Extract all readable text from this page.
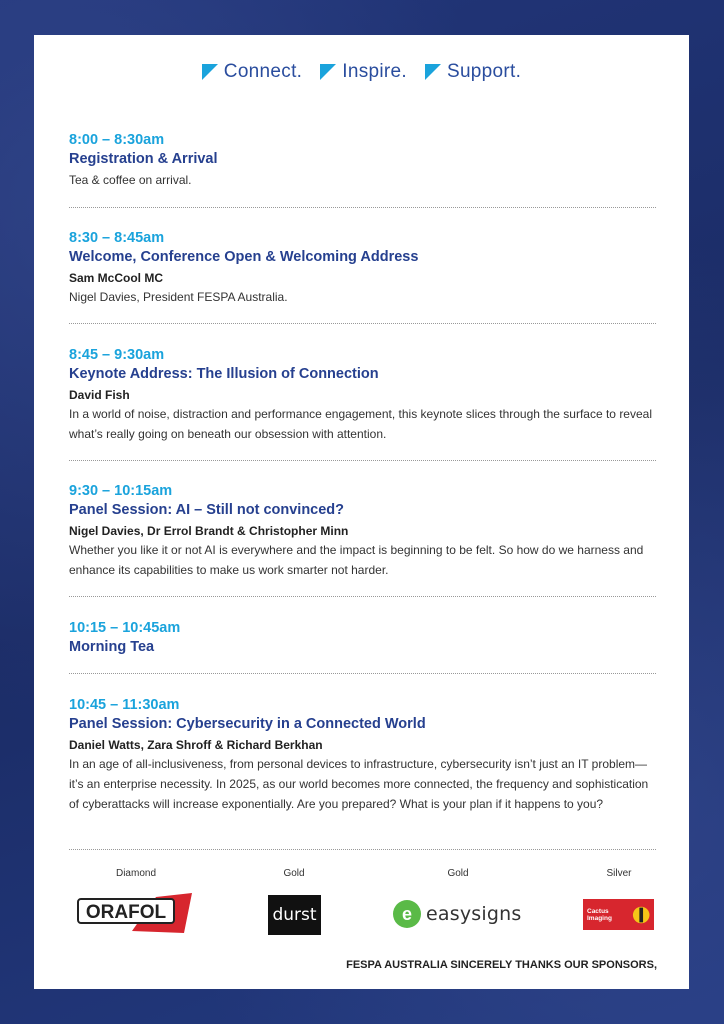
Connect. Inspire. Support.
8:00 – 8:30am
Registration & Arrival
Tea & coffee on arrival.
8:30 – 8:45am
Welcome, Conference Open & Welcoming Address
Sam McCool MC
Nigel Davies, President FESPA Australia.
8:45 – 9:30am
Keynote Address: The Illusion of Connection
David Fish
In a world of noise, distraction and performance engagement, this keynote slices through the surface to reveal what’s really going on beneath our obsession with attention.
9:30 – 10:15am
Panel Session: AI – Still not convinced?
Nigel Davies, Dr Errol Brandt & Christopher Minn
Whether you like it or not AI is everywhere and the impact is beginning to be felt. So how do we harness and enhance its capabilities to make us work smarter not harder.
10:15 – 10:45am
Morning Tea
10:45 – 11:30am
Panel Session: Cybersecurity in a Connected World
Daniel Watts, Zara Shroff & Richard Berkhan
In an age of all-inclusiveness, from personal devices to infrastructure, cybersecurity isn’t just an IT problem—it’s an enterprise necessity. In 2025, as our world becomes more connected, the frequency and sophistication of cyberattacks will increase exponentially. Are you prepared? What is your plan if it happens to you?
Diamond	Gold	Gold	Silver
ORAFOL	durst	e easysigns	Cactus Imaging
FESPA AUSTRALIA SINCERELY THANKS OUR SPONSORS,
